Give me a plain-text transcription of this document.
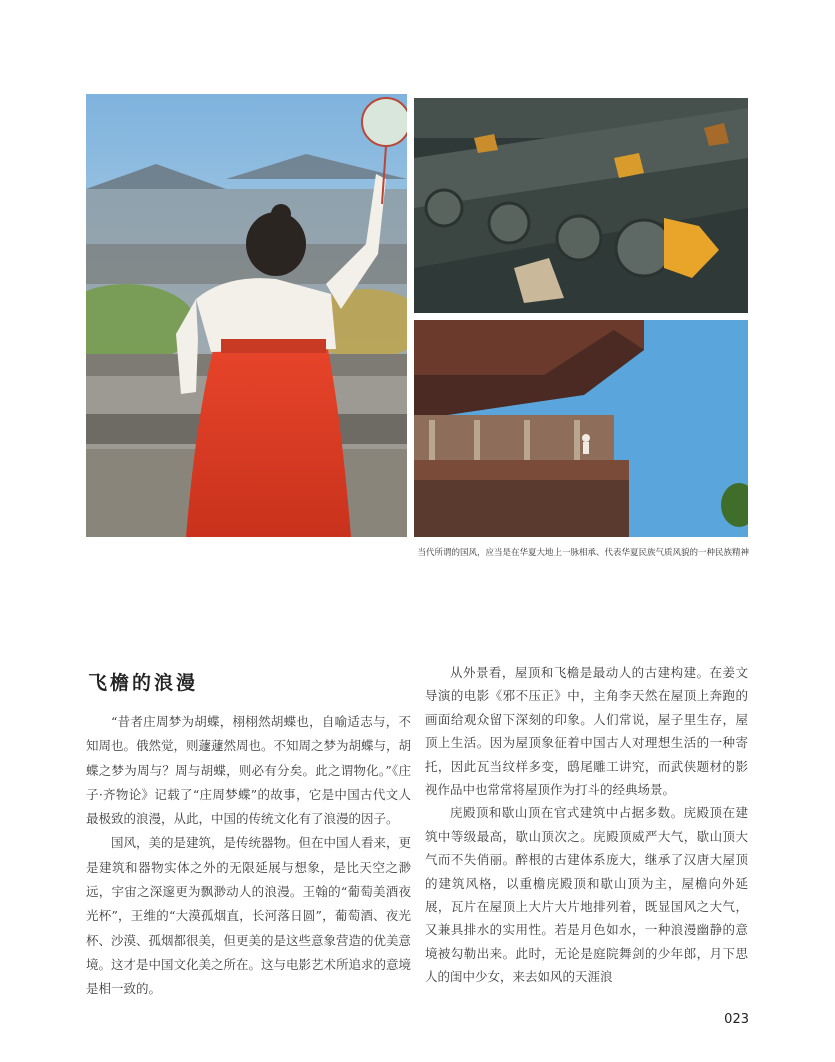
当代所谓的国风，应当是在华夏大地上一脉相承、代表华夏民族气质风貌的一种民族精神
飞檐的浪漫

“昔者庄周梦为胡蝶，栩栩然胡蝶也，自喻适志与，不知周也。俄然觉，则蘧蘧然周也。不知周之梦为胡蝶与，胡蝶之梦为周与？周与胡蝶，则必有分矣。此之谓物化。”《庄子·齐物论》记载了“庄周梦蝶”的故事，它是中国古代文人最极致的浪漫，从此，中国的传统文化有了浪漫的因子。

国风，美的是建筑，是传统器物。但在中国人看来，更是建筑和器物实体之外的无限延展与想象，是比天空之渺远，宇宙之深邃更为飘渺动人的浪漫。王翰的“葡萄美酒夜光杯”，王维的“大漠孤烟直，长河落日圆”，葡萄酒、夜光杯、沙漠、孤烟都很美，但更美的是这些意象营造的优美意境。这才是中国文化美之所在。这与电影艺术所追求的意境是相一致的。

从外景看，屋顶和飞檐是最动人的古建构建。在姜文导演的电影《邪不压正》中，主角李天然在屋顶上奔跑的画面给观众留下深刻的印象。人们常说，屋子里生存，屋顶上生活。因为屋顶象征着中国古人对理想生活的一种寄托，因此瓦当纹样多变，鸱尾雕工讲究，而武侠题材的影视作品中也常常将屋顶作为打斗的经典场景。

庑殿顶和歇山顶在官式建筑中占据多数。庑殿顶在建筑中等级最高，歇山顶次之。庑殿顶威严大气，歇山顶大气而不失俏丽。醉根的古建体系庞大，继承了汉唐大屋顶的建筑风格，以重檐庑殿顶和歇山顶为主，屋檐向外延展，瓦片在屋顶上大片大片地排列着，既显国风之大气，又兼具排水的实用性。若是月色如水，一种浪漫幽静的意境被勾勒出来。此时，无论是庭院舞剑的少年郎，月下思人的闺中少女，来去如风的天涯浪

023
